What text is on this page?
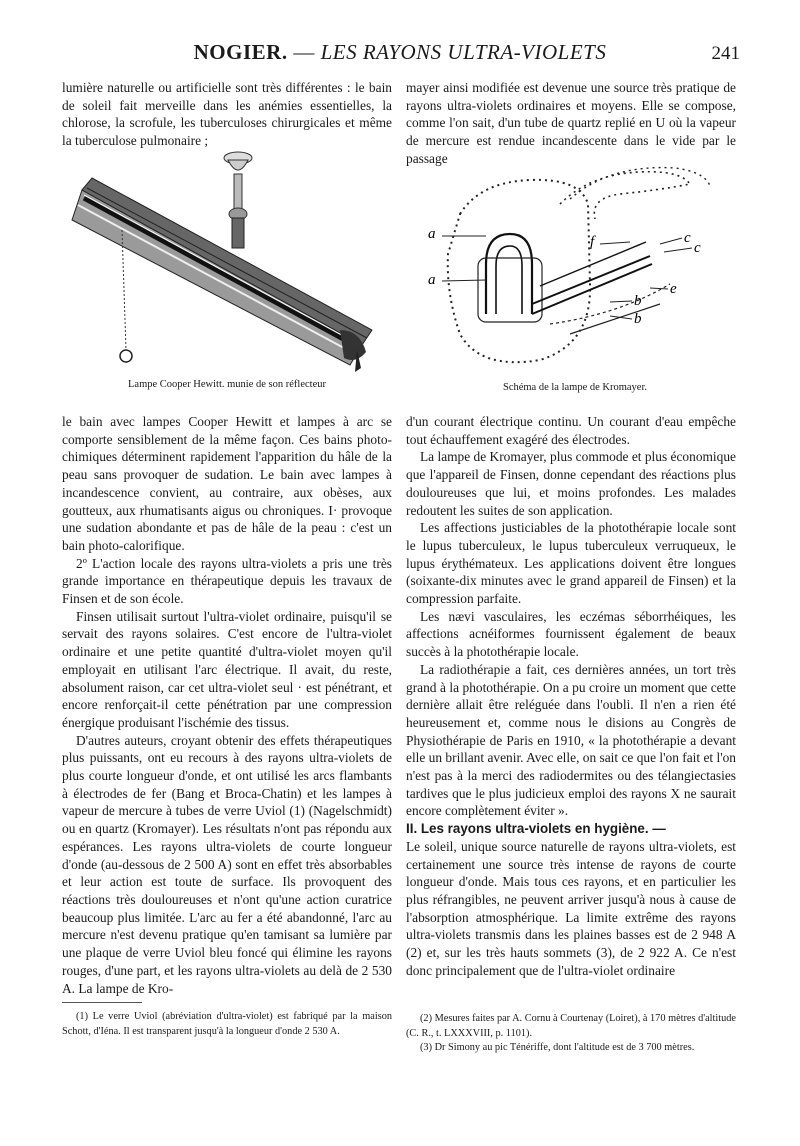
NOGIER. — LES RAYONS ULTRA-VIOLETS	241

lumière naturelle ou artificielle sont très différentes : le bain de soleil fait merveille dans les anémies essentielles, la chlorose, la scrofule, les tuberculoses chirurgicales et même la tuberculose pulmonaire ;

mayer ainsi modifiée est devenue une source très pratique de rayons ultra-violets ordinaires et moyens. Elle se compose, comme l'on sait, d'un tube de quartz replié en U où la vapeur de mercure est rendue incandescente dans le vide par le passage

Lampe Cooper Hewitt. munie de son réflecteur
a
a
f	c
c
e
b
b
Schéma de la lampe de Kromayer.

le bain avec lampes Cooper Hewitt et lampes à arc se comporte sensiblement de la même façon. Ces bains photo-chimiques déterminent rapidement l'apparition du hâle de la peau sans provoquer de sudation. Le bain avec lampes à incandescence convient, au contraire, aux obèses, aux goutteux, aux rhumatisants aigus ou chroniques. I· provoque une sudation abondante et pas de hâle de la peau : c'est un bain photo-calorifique.

2º L'action locale des rayons ultra-violets a pris une très grande importance en thérapeutique depuis les travaux de Finsen et de son école.

Finsen utilisait surtout l'ultra-violet ordinaire, puisqu'il se servait des rayons solaires. C'est encore de l'ultra-violet ordinaire et une petite quantité d'ultra-violet moyen qu'il employait en utilisant l'arc électrique. Il avait, du reste, absolument raison, car cet ultra-violet seul · est pénétrant, et encore renforçait-il cette pénétration par une compression énergique produisant l'ischémie des tissus.

D'autres auteurs, croyant obtenir des effets thérapeutiques plus puissants, ont eu recours à des rayons ultra-violets de plus courte longueur d'onde, et ont utilisé les arcs flambants à électrodes de fer (Bang et Broca-Chatin) et les lampes à vapeur de mercure à tubes de verre Uviol (1) (Nagelschmidt) ou en quartz (Kromayer). Les résultats n'ont pas répondu aux espérances. Les rayons ultra-violets de courte longueur d'onde (au-dessous de 2 500 A) sont en effet très absorbables et leur action est toute de surface. Ils provoquent des réactions très douloureuses et n'ont qu'une action curatrice beaucoup plus limitée. L'arc au fer a été abandonné, l'arc au mercure n'est devenu pratique qu'en tamisant sa lumière par une plaque de verre Uviol bleu foncé qui élimine les rayons rouges, d'une part, et les rayons ultra-violets au delà de 2 530 A. La lampe de Kro-

d'un courant électrique continu. Un courant d'eau empêche tout échauffement exagéré des électrodes.

La lampe de Kromayer, plus commode et plus économique que l'appareil de Finsen, donne cependant des réactions plus douloureuses que lui, et moins profondes. Les malades redoutent les suites de son application.

Les affections justiciables de la photothérapie locale sont le lupus tuberculeux, le lupus tuberculeux verruqueux, le lupus érythémateux. Les applications doivent être longues (soixante-dix minutes avec le grand appareil de Finsen) et la compression parfaite.

Les nævi vasculaires, les eczémas séborrhéiques, les affections acnéiformes fournissent également de beaux succès à la photothérapie locale.

La radiothérapie a fait, ces dernières années, un tort très grand à la photothérapie. On a pu croire un moment que cette dernière allait être reléguée dans l'oubli. Il n'en a rien été heureusement et, comme nous le disions au Congrès de Physiothérapie de Paris en 1910, « la photothérapie a devant elle un brillant avenir. Avec elle, on sait ce que l'on fait et l'on n'est pas à la merci des radiodermites ou des télangiectasies tardives que le plus judicieux emploi des rayons X ne saurait encore complètement éviter ».

II. Les rayons ultra-violets en hygiène. —

Le soleil, unique source naturelle de rayons ultra-violets, est certainement une source très intense de rayons de courte longueur d'onde. Mais tous ces rayons, et en particulier les plus réfrangibles, ne peuvent arriver jusqu'à nous à cause de l'absorption atmosphérique. La limite extrême des rayons ultra-violets transmis dans les plaines basses est de 2 948 A (2) et, sur les très hauts sommets (3), de 2 922 A. Ce n'est donc principalement que de l'ultra-violet ordinaire

(1) Le verre Uviol (abréviation d'ultra-violet) est fabriqué par la maison Schott, d'Iéna. Il est transparent jusqu'à la longueur d'onde 2 530 A.

(2) Mesures faites par A. Cornu à Courtenay (Loiret), à 170 mètres d'altitude (C. R., t. LXXXVIII, p. 1101).

(3) Dr Simony au pic Ténériffe, dont l'altitude est de 3 700 mètres.
